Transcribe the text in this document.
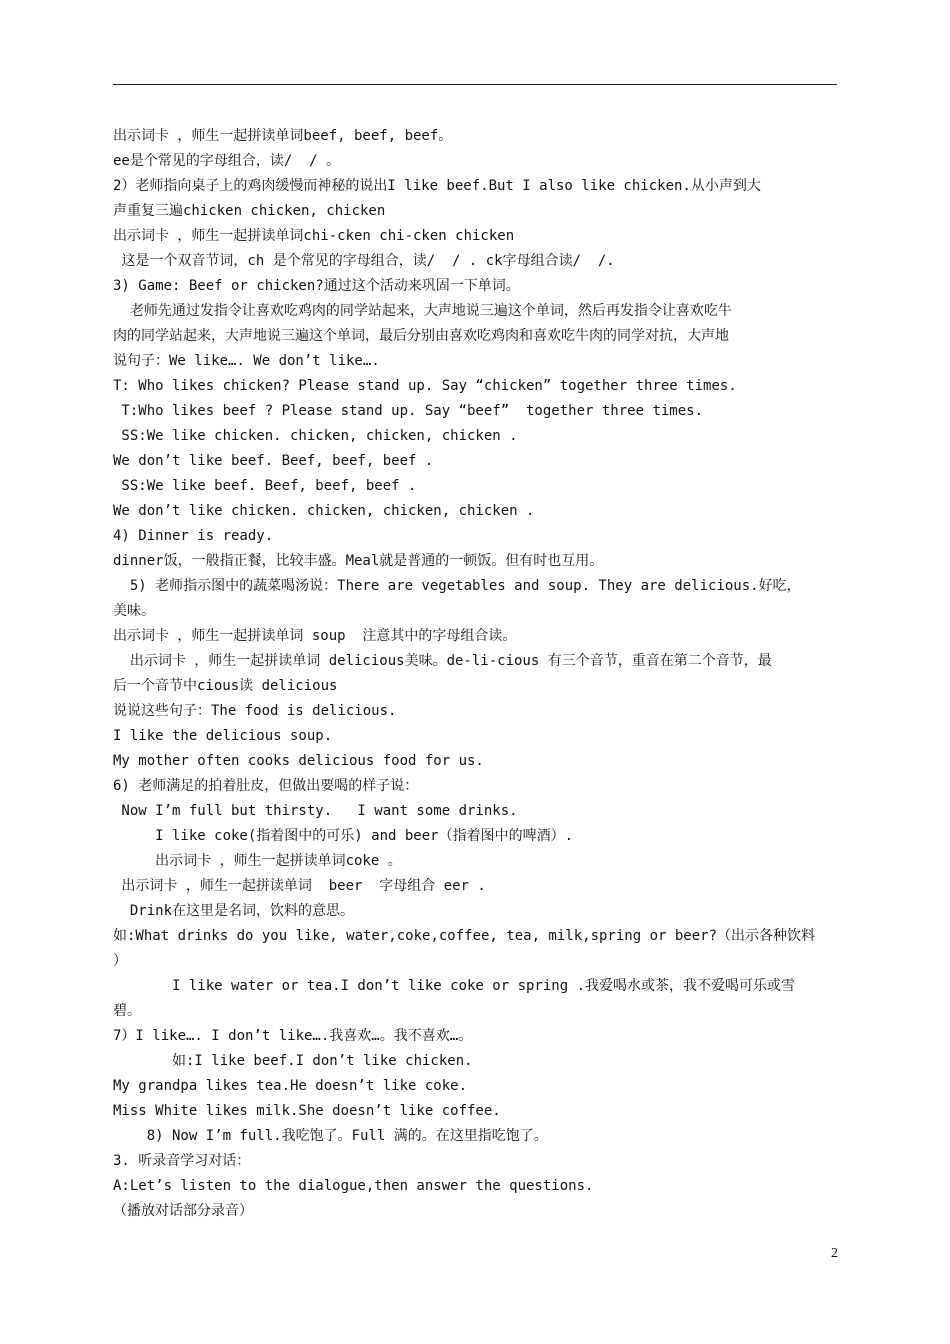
出示词卡 ，师生一起拼读单词beef, beef, beef。
ee是个常见的字母组合，读/  / 。
2）老师指向桌子上的鸡肉缓慢而神秘的说出I like beef.But I also like chicken.从小声到大
声重复三遍chicken chicken, chicken
出示词卡 ，师生一起拼读单词chi-cken chi-cken chicken
这是一个双音节词，ch 是个常见的字母组合，读/  / . ck字母组合读/  /.
3) Game: Beef or chicken?通过这个活动来巩固一下单词。
老师先通过发指令让喜欢吃鸡肉的同学站起来，大声地说三遍这个单词，然后再发指令让喜欢吃牛
肉的同学站起来，大声地说三遍这个单词，最后分别由喜欢吃鸡肉和喜欢吃牛肉的同学对抗，大声地
说句子：We like…. We don’t like….
T: Who likes chicken? Please stand up. Say “chicken” together three times.
T:Who likes beef ? Please stand up. Say “beef”  together three times.
SS:We like chicken. chicken, chicken, chicken .
We don’t like beef. Beef, beef, beef .
SS:We like beef. Beef, beef, beef .
We don’t like chicken. chicken, chicken, chicken .
4) Dinner is ready.
dinner饭，一般指正餐，比较丰盛。Meal就是普通的一顿饭。但有时也互用。
5) 老师指示图中的蔬菜喝汤说：There are vegetables and soup. They are delicious.好吃，
美味。
出示词卡 ，师生一起拼读单词 soup  注意其中的字母组合读。
出示词卡 ，师生一起拼读单词 delicious美味。de-li-cious 有三个音节，重音在第二个音节，最
后一个音节中cious读 delicious
说说这些句子：The food is delicious.
I like the delicious soup.
My mother often cooks delicious food for us.
6) 老师满足的拍着肚皮，但做出要喝的样子说：
Now I’m full but thirsty.   I want some drinks.
I like coke(指着图中的可乐) and beer（指着图中的啤酒）.
出示词卡 ，师生一起拼读单词coke 。
出示词卡 ，师生一起拼读单词  beer  字母组合 eer .
Drink在这里是名词，饮料的意思。
如:What drinks do you like, water,coke,coffee, tea, milk,spring or beer?（出示各种饮料
）
I like water or tea.I don’t like coke or spring .我爱喝水或茶，我不爱喝可乐或雪
碧。
7）I like…. I don’t like….我喜欢…。我不喜欢…。
如:I like beef.I don’t like chicken.
My grandpa likes tea.He doesn’t like coke.
Miss White likes milk.She doesn’t like coffee.
8) Now I’m full.我吃饱了。Full 满的。在这里指吃饱了。
3. 听录音学习对话：
A:Let’s listen to the dialogue,then answer the questions.
（播放对话部分录音）
2
